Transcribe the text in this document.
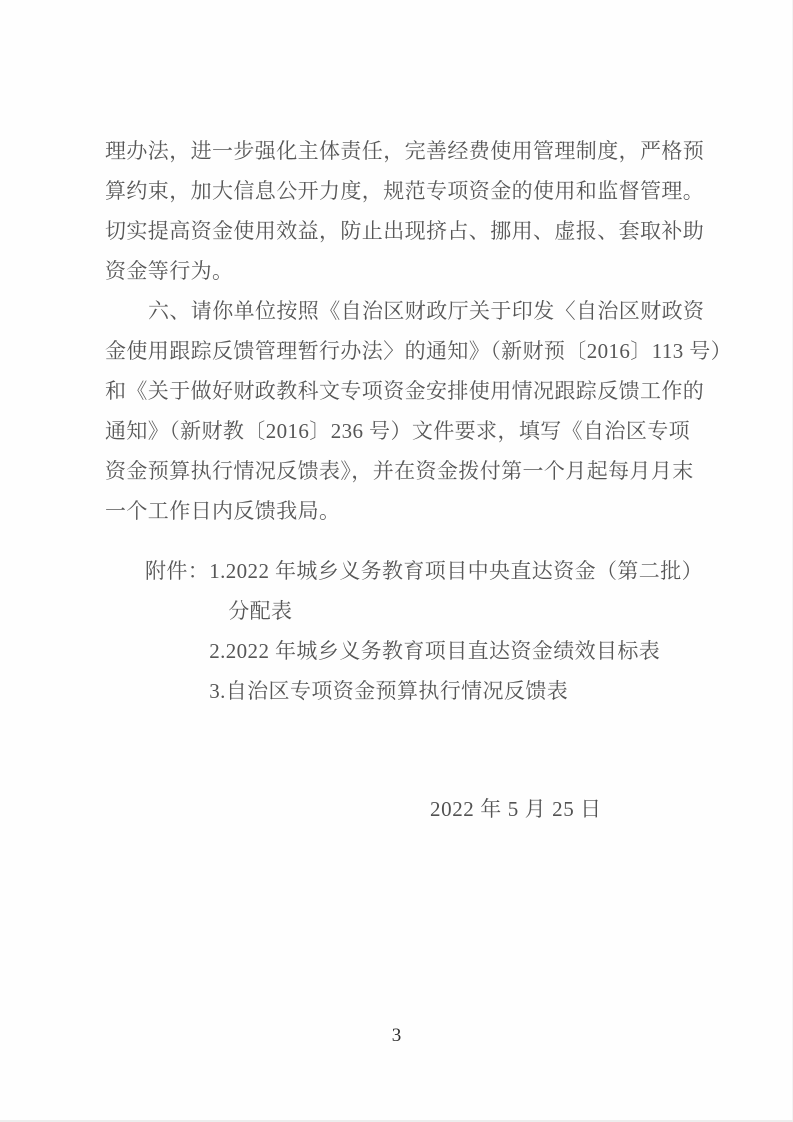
理办法，进一步强化主体责任，完善经费使用管理制度，严格预
算约束，加大信息公开力度，规范专项资金的使用和监督管理。
切实提高资金使用效益，防止出现挤占、挪用、虚报、套取补助
资金等行为。
六、请你单位按照《自治区财政厅关于印发〈自治区财政资
金使用跟踪反馈管理暂行办法〉的通知》（新财预〔2016〕113 号）
和《关于做好财政教科文专项资金安排使用情况跟踪反馈工作的
通知》（新财教〔2016〕236 号）文件要求，填写《自治区专项
资金预算执行情况反馈表》，并在资金拨付第一个月起每月月末
一个工作日内反馈我局。
附件： 1.2022 年城乡义务教育项目中央直达资金（第二批）
分配表
2.2022 年城乡义务教育项目直达资金绩效目标表
3.自治区专项资金预算执行情况反馈表
2022 年 5 月 25 日
3
